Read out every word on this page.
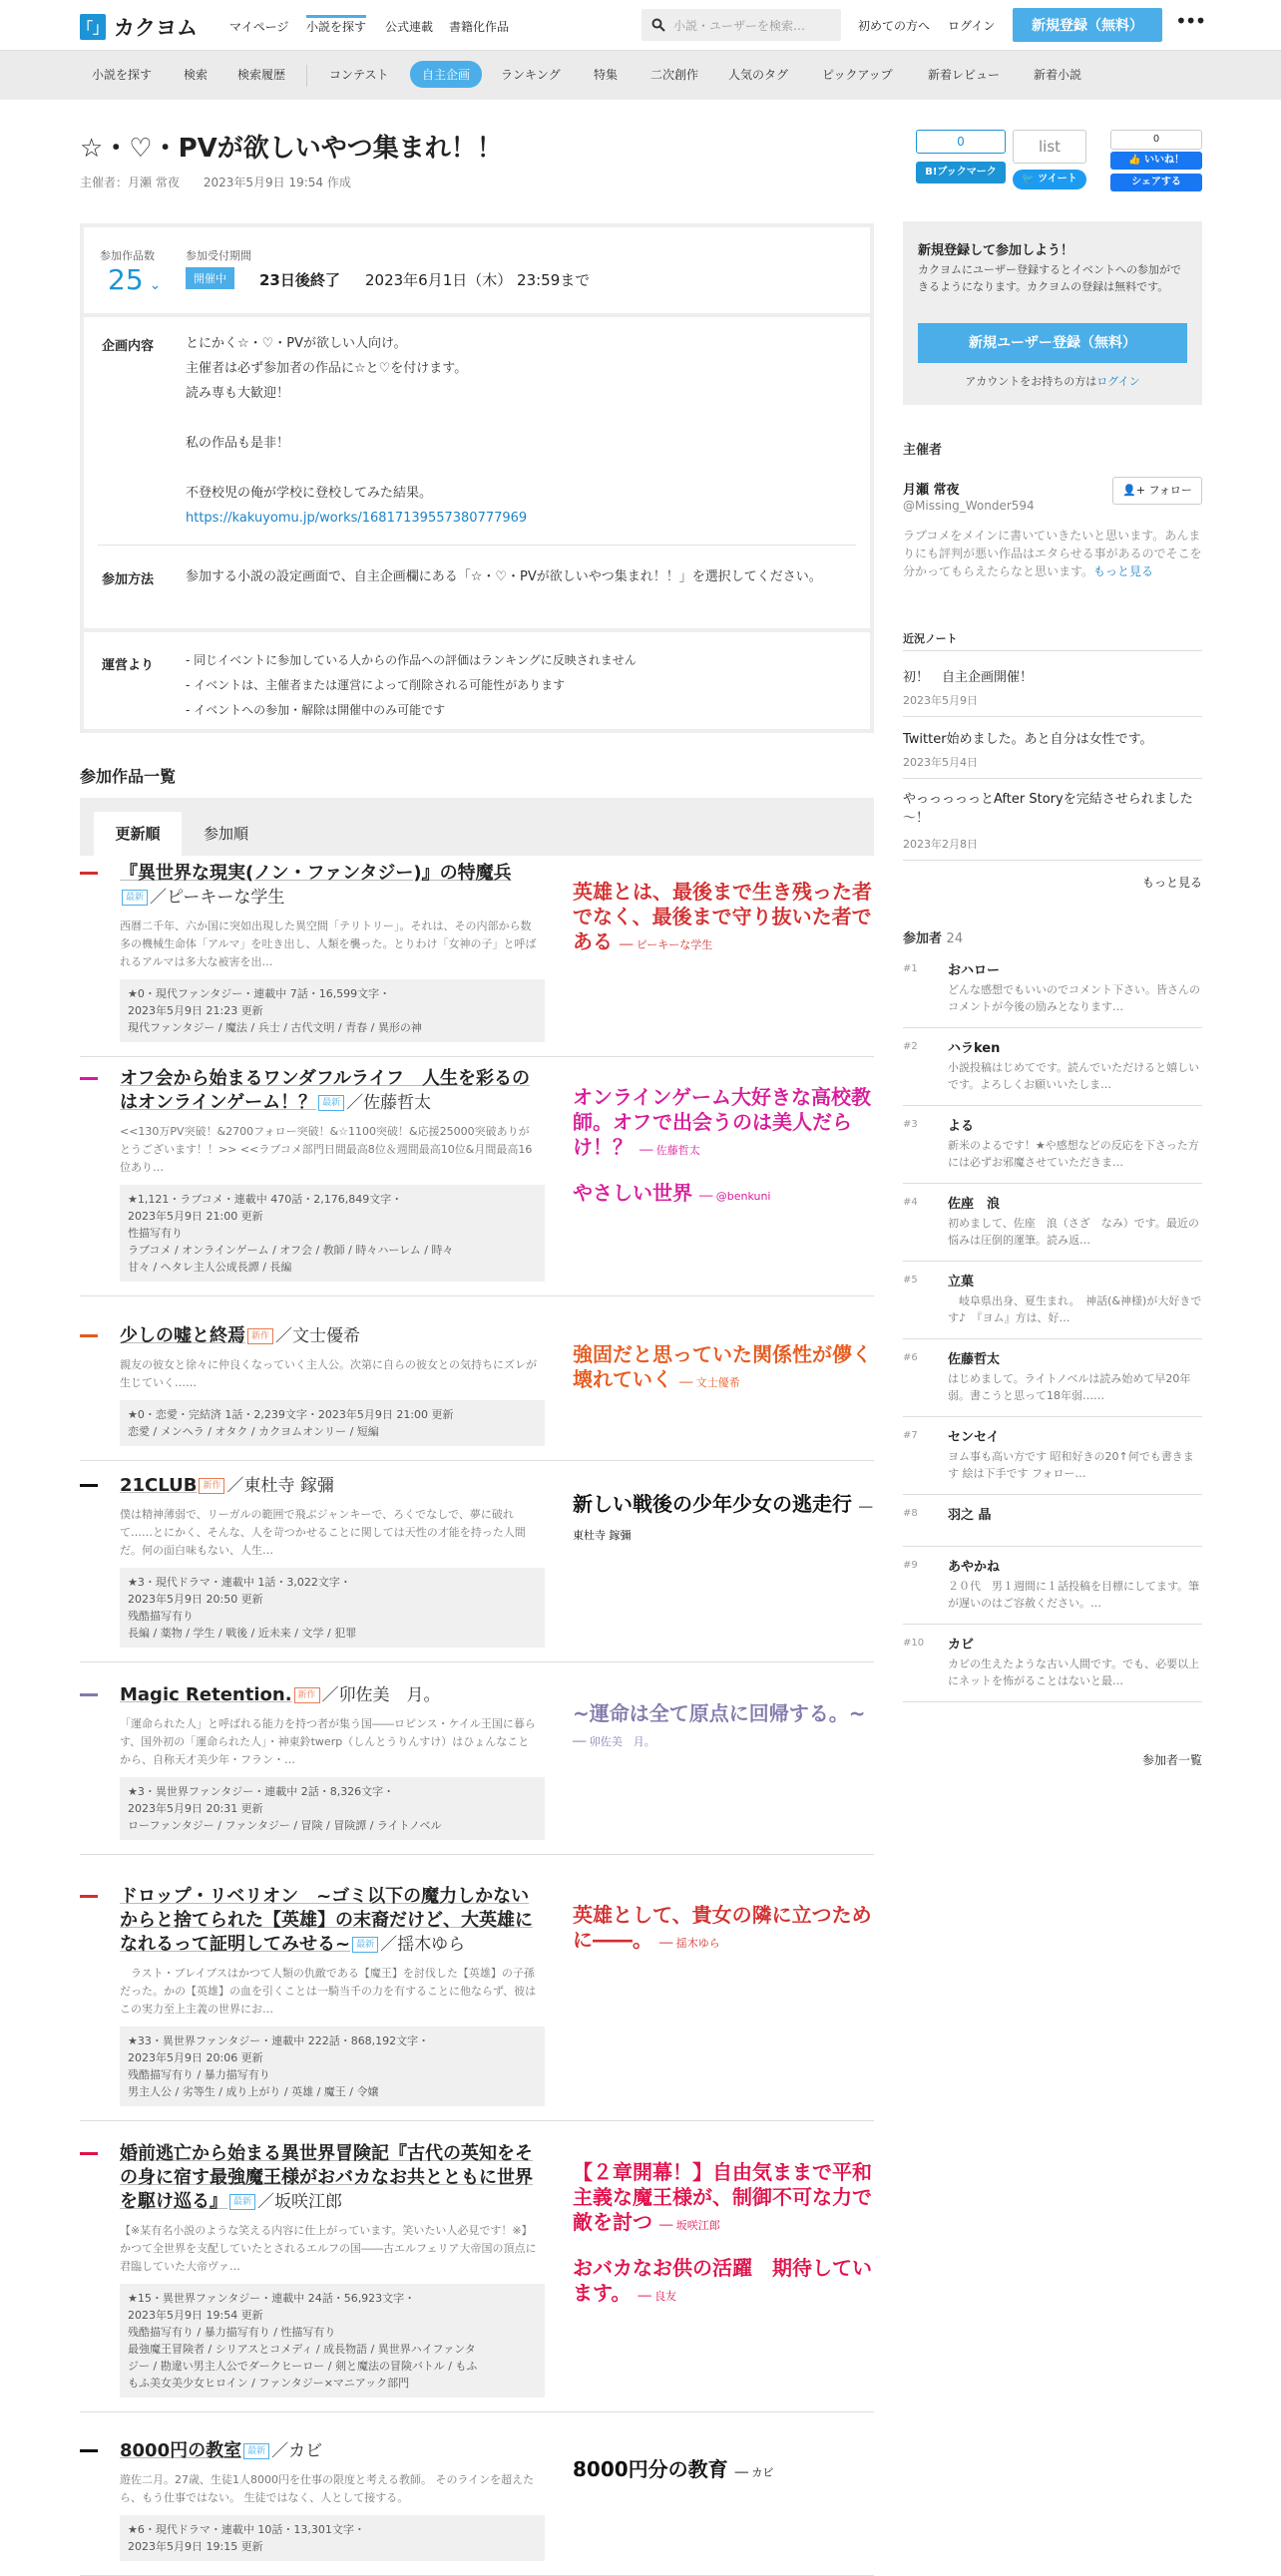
「」 カクヨム	マイページ 小説を探す 公式連載 書籍化作品	小説・ユーザーを検索…	初めての方へ ログイン	新規登録（無料）	•••
小説を探す	検索 検索履歴	コンテスト	自主企画	ランキング	特集	二次創作 人気のタグ	ピックアップ	新着レビュー	新着小説
☆・♡・PVが欲しいやつ集まれ！！
主催者：月瀬 常夜　　 2023年5月9日 19:54 作成
参加作品数
25 ⌄
参加受付期間
開催中	23日後終了 2023年6月1日（木） 23:59まで
企画内容 とにかく☆・♡・PVが欲しい人向け。
主催者は必ず参加者の作品に☆と♡を付けます。
読み専も大歓迎！
私の作品も是非！
不登校児の俺が学校に登校してみた結果。
https://kakuyomu.jp/works/16817139557380777969
参加方法 参加する小説の設定画面で、自主企画欄にある「☆・♡・PVが欲しいやつ集まれ！！」を選択してください。
運営より	- 同じイベントに参加している人からの作品への評価はランキングに反映されません
- イベントは、主催者または運営によって削除される可能性があります
- イベントへの参加・解除は開催中のみ可能です
参加作品一覧
更新順	参加順
『異世界な現実(ノン・ファンタジー)』の特魔兵最新 ／ピーキーな学生
西暦二千年、六か国に突如出現した異空間「テリトリー」。それは、その内部から数多の機械生命体「アルマ」を吐き出し、人類を襲った。とりわけ「女神の子」と呼ばれるアルマは多大な被害を出…
★0・現代ファンタジー・連載中 7話・16,599文字・
2023年5月9日 21:23 更新
現代ファンタジー / 魔法 / 兵士 / 古代文明 / 青春 / 異形の神
英雄とは、最後まで生き残った者でなく、最後まで守り抜いた者である ── ピーキーな学生
オフ会から始まるワンダフルライフ　人生を彩るのはオンラインゲーム！？ 最新 ／佐藤哲太
<<130万PV突破！&2700フォロー突破！&☆1100突破！&応援25000突破ありがとうございます！！>> <<ラブコメ部門日間最高8位＆週間最高10位&月間最高16位あり…
★1,121・ラブコメ・連載中 470話・2,176,849文字・
2023年5月9日 21:00 更新
性描写有り
ラブコメ / オンラインゲーム / オフ会 / 教師 / 時々ハーレム / 時々
甘々 / ヘタレ主人公成長譚 / 長編
オンラインゲーム大好きな高校教師。オフで出会うのは美人だらけ！？ ── 佐藤哲太
やさしい世界 ── @benkuni
少しの嘘と終焉 新作 ／文士優希
親友の彼女と徐々に仲良くなっていく主人公。次第に自らの彼女との気持ちにズレが生じていく……
★0・恋愛・完結済 1話・2,239文字・2023年5月9日 21:00 更新
恋愛 / メンヘラ / オタク / カクヨムオンリー / 短編
強固だと思っていた関係性が儚く壊れていく ── 文士優希
21CLUB 新作 ／東杜寺 鎵彌
僕は精神薄弱で、リーガルの範囲で飛ぶジャンキーで、ろくでなしで、夢に破れて……とにかく、そんな、人を苛つかせることに関しては天性の才能を持った人間だ。何の面白味もない、人生…
★3・現代ドラマ・連載中 1話・3,022文字・
2023年5月9日 20:50 更新
残酷描写有り
長編 / 薬物 / 学生 / 戦後 / 近未来 / 文学 / 犯罪
新しい戦後の少年少女の逃走行 ── 東杜寺 鎵彌
Magic Retention. 新作 ／卯佐美　月。
「運命られた人」と呼ばれる能力を持つ者が集う国――ロピンス・ケイル王国に暮らす、国外初の「運命られた人」・神東鈴twerp（しんとうりんすけ）はひょんなことから、自称天才美少年・フラン・…
★3・異世界ファンタジー・連載中 2話・8,326文字・
2023年5月9日 20:31 更新
ローファンタジー / ファンタジー / 冒険 / 冒険譚 / ライトノベル
~運命は全て原点に回帰する。~ ── 卯佐美　月。
ドロップ・リベリオン　~ゴミ以下の魔力しかないからと捨てられた【英雄】の末裔だけど、大英雄になれるって証明してみせる~ 最新 ／揺木ゆら
　ラスト・ブレイブスはかつて人類の仇敵である【魔王】を討伐した【英雄】の子孫だった。かの【英雄】の血を引くことは一騎当千の力を有することに他ならず、彼はこの実力至上主義の世界にお…
★33・異世界ファンタジー・連載中 222話・868,192文字・
2023年5月9日 20:06 更新
残酷描写有り / 暴力描写有り
男主人公 / 劣等生 / 成り上がり / 英雄 / 魔王 / 令嬢
英雄として、貴女の隣に立つために――。 ── 揺木ゆら
婚前逃亡から始まる異世界冒険記『古代の英知をその身に宿す最強魔王様がおバカなお共とともに世界を駆け巡る』 最新 ／坂咲江郎
【※某有名小説のような笑える内容に仕上がっています。笑いたい人必見です！※】かつて全世界を支配していたとされるエルフの国――古エルフェリア大帝国の頂点に君臨していた大帝ヴァ…
★15・異世界ファンタジー・連載中 24話・56,923文字・
2023年5月9日 19:54 更新
残酷描写有り / 暴力描写有り / 性描写有り
最強魔王冒険者 / シリアスとコメディ / 成長物語 / 異世界ハイファンタ
ジー / 勘違い男主人公でダークヒーロー / 剣と魔法の冒険バトル / もふ
もふ美女美少女ヒロイン / ファンタジー×マニアック部門
【２章開幕！】自由気ままで平和主義な魔王様が、制御不可な力で敵を討つ ── 坂咲江郎
おバカなお供の活躍　期待しています。 ── 良友
8000円の教室 最新 ／カビ
遊佐二月。27歳、生徒1人8000円を仕事の限度と考える教師。 そのラインを超えたら、もう仕事ではない。 生徒ではなく、人として接する。
★6・現代ドラマ・連載中 10話・13,301文字・
2023年5月9日 19:15 更新
8000円分の教育 ── カビ
0
B!ブックマーク
list
🐦 ツイート
0
👍 いいね！
シェアする
新規登録して参加しよう！
カクヨムにユーザー登録するとイベントへの参加ができるようになります。カクヨムの登録は無料です。
新規ユーザー登録（無料）
アカウントをお持ちの方はログイン
主催者
月瀬 常夜
@Missing_Wonder594
👤+ フォロー
ラブコメをメインに書いていきたいと思います。あんまりにも評判が悪い作品はエタらせる事があるのでそこを分かってもらえたらなと思います。もっと見る
近況ノート
初！　自主企画開催！
2023年5月9日
Twitter始めました。あと自分は女性です。
2023年5月4日
やっっっっっとAfter Storyを完結させられました～！
2023年2月8日
もっと見る
参加者 24
#1 おハロー
どんな感想でもいいのでコメント下さい。皆さんのコメントが今後の励みとなります…
#2 ハラken
小説投稿はじめてです。読んでいただけると嬉しいです。よろしくお願いいたしま…
#3 よる
新米のよるです！★や感想などの反応を下さった方には必ずお邪魔させていただきま…
#4 佐座　浪
初めまして、佐座　浪（さざ　なみ）です。最近の悩みは圧倒的運筆。読み返…
#5 立菓
　岐阜県出身、夏生まれ。　神話(&神様)が大好きです♪　『ヨム』方は、好…
#6 佐藤哲太
はじめまして。ライトノベルは読み始めて早20年弱。書こうと思って18年弱……
#7 センセイ
ヨム事も高い方です 昭和好きの20↑何でも書きます 絵は下手です フォロー…
#8 羽之 晶
#9 あやかね
２０代　男１週間に１話投稿を目標にしてます。筆が遅いのはご容赦ください。…
#10 カビ
カビの生えたような古い人間です。でも、必要以上にネットを怖がることはないと最…
参加者一覧
